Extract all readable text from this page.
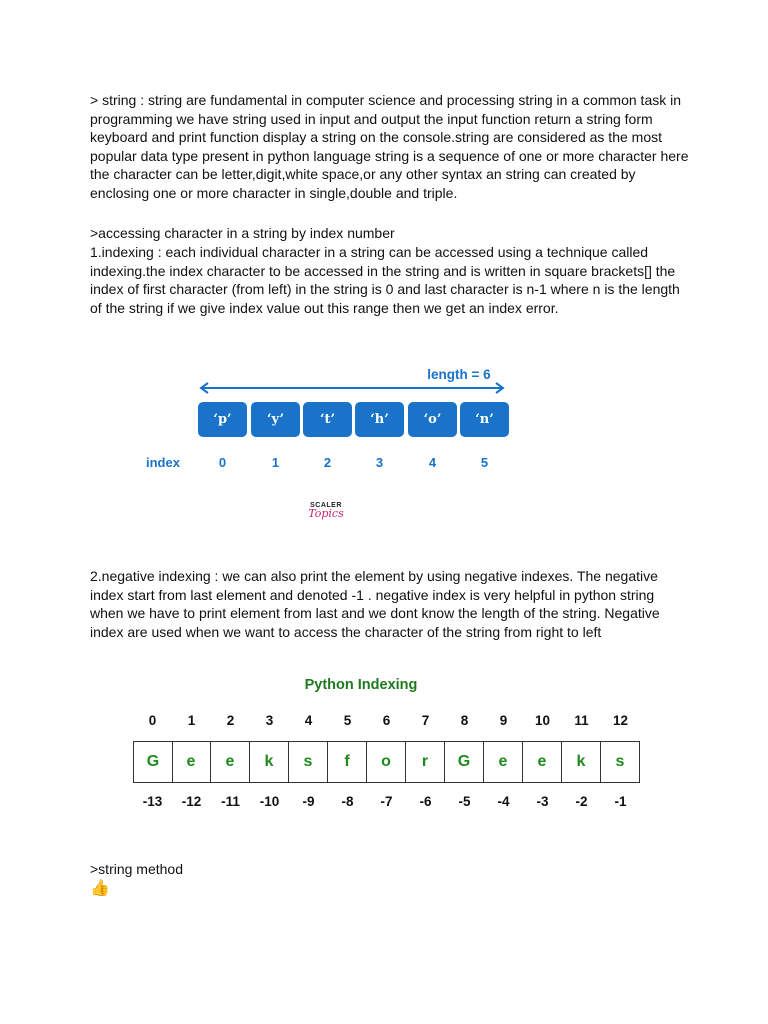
> string : string are fundamental in computer science and processing string in a common task in programming we have string used in input and output the input function return a string form keyboard and print function display a string on the console.string are considered as the most popular data type present in python language string is a sequence of one or more character here the character can be letter,digit,white space,or any other syntax an string can created by enclosing one or more character in single,double and triple.

>accessing character in a string by index number

1.indexing : each individual character in a string can be accessed using a technique called indexing.the index character to be accessed in the string and is written in square brackets[] the index of first character (from left) in the string is 0 and last character is n-1 where n is the length of the string if we give index value out this range then we get an index error.

length = 6
‘p’	‘y’	‘t’	‘h’	‘o’	‘n’
index	0	1	2	3	4	5
SCALER
Topics

2.negative indexing : we can also print the element by using negative indexes. The negative index start from last element and denoted -1 . negative index is very helpful in python string when we have to print element from last and we dont know the length of the string. Negative index are used when we want to access the character of the string from right to left

Python Indexing
0	1	2	3	4	5	6	7	8	9	10	11	12
G	e	e	k	s	f	o	r	G	e	e	k	s
-13	-12	-11	-10	-9	-8	-7	-6	-5	-4	-3	-2	-1
>string method
👍
